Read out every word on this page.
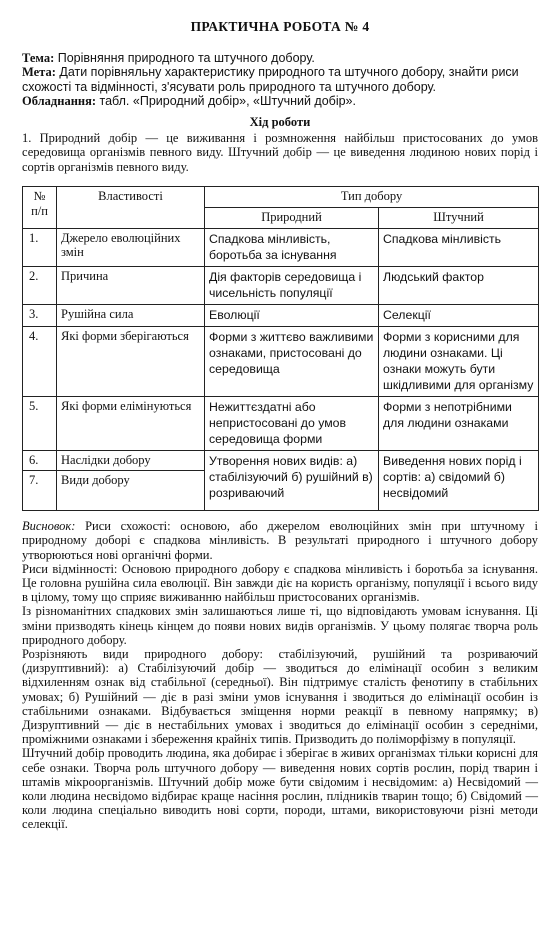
ПРАКТИЧНА РОБОТА № 4

Тема: Порівняння природного та штучного добору.

Мета: Дати порівняльну характеристику природного та штучного добору, знайти риси схожості та відмінності, з'ясувати роль природного та штучного добору.

Обладнання: табл. «Природний добір», «Штучний добір».

Хід роботи

1. Природний добір — це виживання і розмноження найбільш пристосованих до умов середовища організмів певного виду. Штучний добір — це виведення людиною нових порід і сортів організмів певного виду.

№ п/п	Властивості	Тип добору	
		Природний	Штучний
1.	Джерело еволюційних змін	Спадкова мінливість, боротьба за існування	Спадкова мінливість
2.	Причина	Дія факторів середовища і чисельність популяції	Людський фактор
3.	Рушійна сила	Еволюції	Селекції
4.	Які форми зберігаються	Форми з життєво важливими ознаками, пристосовані до середовища	Форми з корисними для людини ознаками. Ці ознаки можуть бути шкідливими для організму
5.	Які форми елімінуються	Нежиттєздатні або непристосовані до умов середовища форми	Форми з непотрібними для людини ознаками
6.	Наслідки добору	Утворення нових видів: а) стабілізуючий б) рушійний в) розриваючий	Виведення нових порід і сортів: а) свідомий б) несвідомий
7.	Види добору		

Висновок: Риси схожості: основою, або джерелом еволюційних змін при штучному і природному доборі є спадкова мінливість. В результаті природного і штучного добору утворюються нові органічні форми.

Риси відмінності: Основою природного добору є спадкова мінливість і боротьба за існування. Це головна рушійна сила еволюції. Він завжди діє на користь організму, популяції і всього виду в цілому, тому що сприяє виживанню найбільш пристосованих організмів.

Із різноманітних спадкових змін залишаються лише ті, що відповідають умовам існування. Ці зміни призводять кінець кінцем до появи нових видів організмів. У цьому полягає творча роль природного добору.

Розрізняють види природного добору: стабілізуючий, рушійний та розриваючий (дизруптивний): а) Стабілізуючий добір — зводиться до елімінації особин з великим відхиленням ознак від стабільної (середньої). Він підтримує сталість фенотипу в стабільних умовах; б) Рушійний — діє в разі зміни умов існування і зводиться до елімінації особин із стабільними ознаками. Відбувається зміщення норми реакції в певному напрямку; в) Дизруптивний — діє в нестабільних умовах і зводиться до елімінації особин з середніми, проміжними ознаками і збереження крайніх типів. Призводить до поліморфізму в популяції.

Штучний добір проводить людина, яка добирає і зберігає в живих організмах тільки корисні для себе ознаки. Творча роль штучного добору — виведення нових сортів рослин, порід тварин і штамів мікроорганізмів. Штучний добір може бути свідомим і несвідомим: а) Несвідомий — коли людина несвідомо відбирає краще насіння рослин, плідників тварин тощо; б) Свідомий — коли людина спеціально виводить нові сорти, породи, штами, використовуючи різні методи селекції.
